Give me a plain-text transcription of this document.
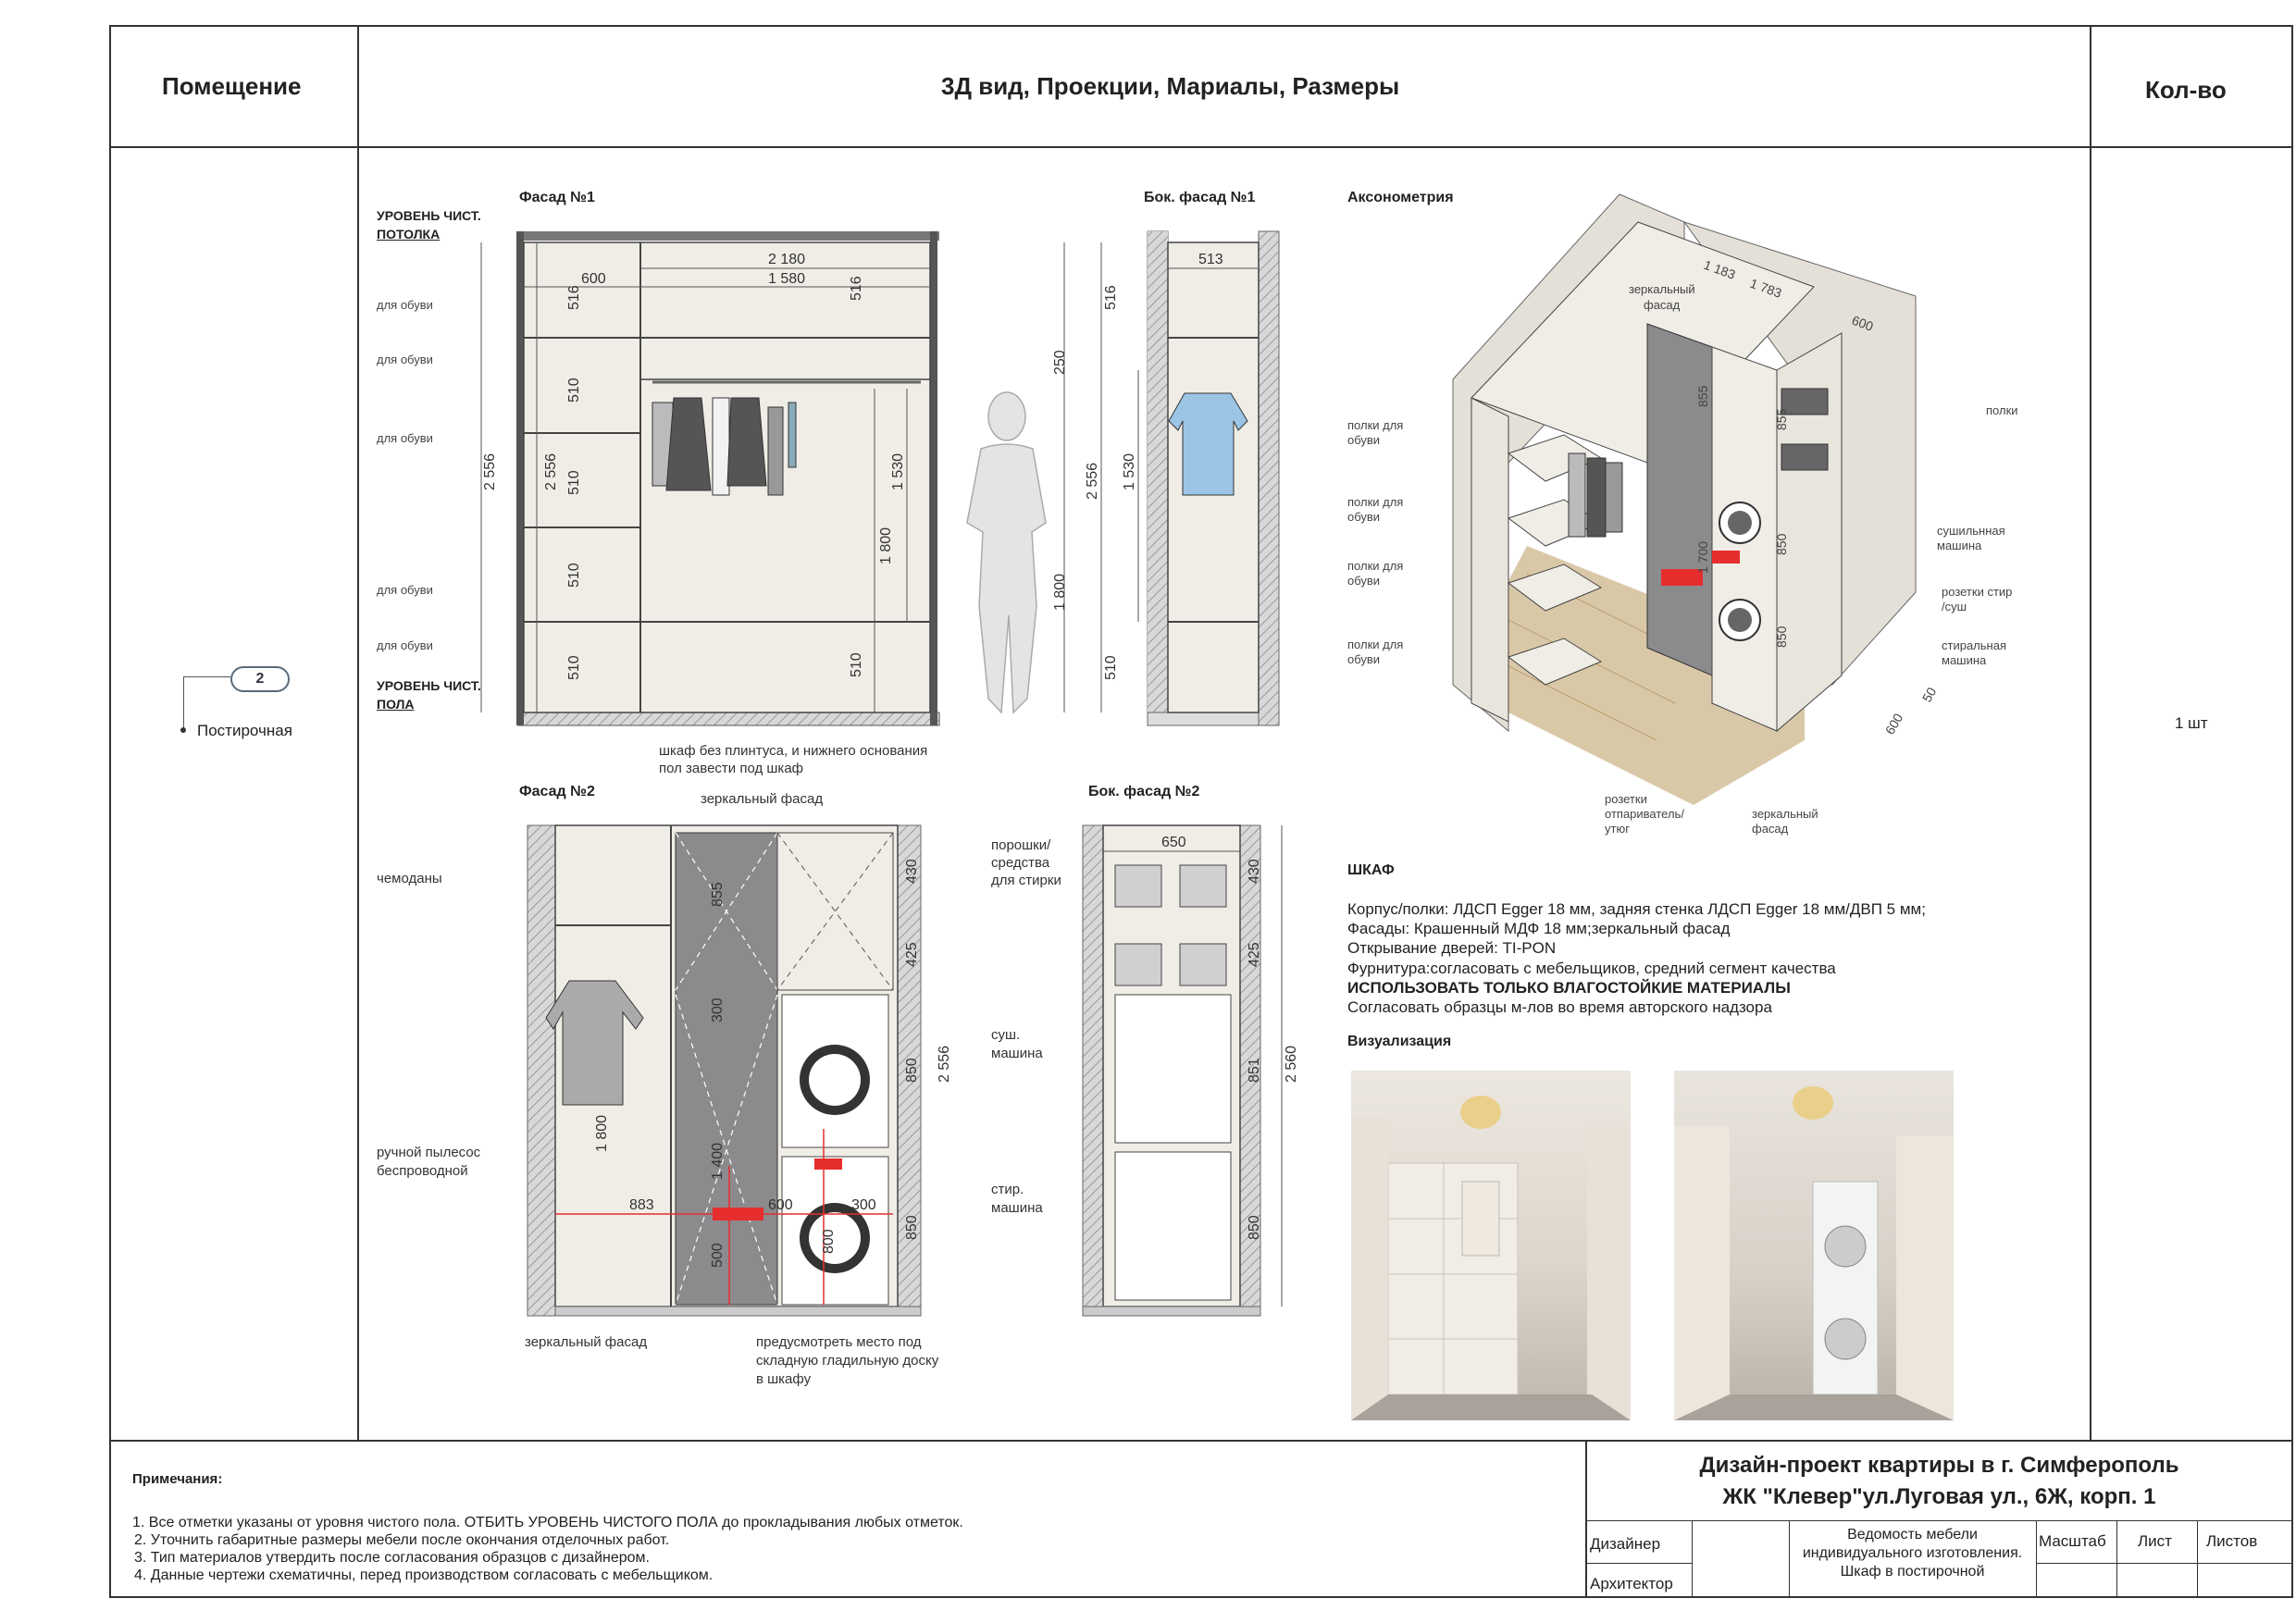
Помещение	3Д вид, Проекции, Мариалы, Размеры	Кол-во
2
Постирочная	1 шт
Фасад №1	Бок. фасад №1	Аксонометрия
Фасад №2	Бок. фасад №2
Визуализация
2 180
600	1 580
2 556	2 556
516
510
510
510
510
516
1 530
1 800
510
УРОВЕНЬ ЧИСТ.
ПОТОЛКА
УРОВЕНЬ ЧИСТ.
ПОЛА
для обуви
для обуви
для обуви
для обуви
для обуви
шкаф без плинтуса, и нижнего основания
пол завести под шкаф
513
516
250
2 556 1 530
1 800
510
1 183
1 783
600
855
855
850
850
1 700
600
50
зеркальный
фасад
полки для
обуви
полки для
обуви
полки для
обуви
полки для
обуви
полки
сушильнная
машина
розетки стир
/суш
стиральная
машина
розетки
отпариватель/
утюг
зеркальный
фасад
ШКАФ
Корпус/полки: ЛДСП Egger 18 мм, задняя стенка ЛДСП Egger 18 мм/ДВП 5 мм;
Фасады: Крашенный МДФ 18 мм;зеркальный фасад
Открывание дверей: TI-PON
Фурнитура:согласовать с мебельщиков, средний сегмент качества
ИСПОЛЬЗОВАТЬ ТОЛЬКО ВЛАГОСТОЙКИЕ МАТЕРИАЛЫ
Согласовать образцы м-лов во время авторского надзора
855
300
1 400
500
1 800
883	600	300
800
430
425
850
850
2 556
зеркальный фасад
чемоданы
ручной пылесос
беспроводной
зеркальный фасад	предусмотреть место под
складную гладильную доску
в шкафу
650
430
425
851
850
2 560
порошки/
средства
для стирки
суш.
машина
стир.
машина
Примечания:
1. Все отметки указаны от уровня чистого пола. ОТБИТЬ УРОВЕНЬ ЧИСТОГО ПОЛА до прокладывания любых отметок.
2. Уточнить габаритные размеры мебели после окончания отделочных работ.
3. Тип материалов утвердить после согласования образцов с дизайнером.
4. Данные чертежи схематичны, перед производством согласовать с мебельщиком.
Дизайн-проект квартиры в г. Симферополь
ЖК "Клевер"ул.Луговая ул., 6Ж, корп. 1
Дизайнер
Архитектор
Ведомость мебели
индивидуального изготовления.
Шкаф в постирочной
Масштаб Лист Листов
